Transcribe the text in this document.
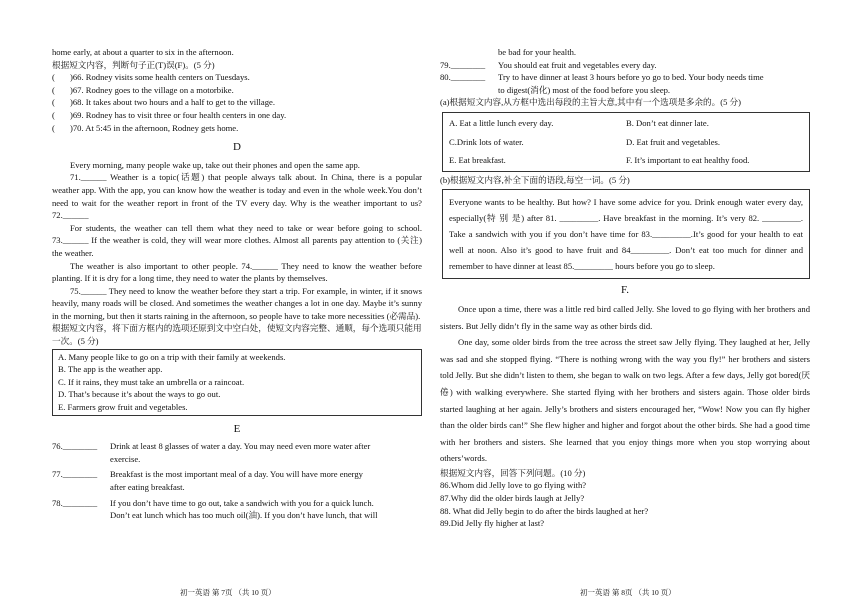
home early, at about a quarter to six in the afternoon.

根据短文内容，判断句子正(T)误(F)。(5 分)

(	)66. Rodney visits some health centers on Tuesdays.
(	)67. Rodney goes to the village on a motorbike.
(	)68. It takes about two hours and a half to get to the village.
(	)69. Rodney has to visit three or four health centers in one day.
(	)70. At 5:45 in the afternoon, Rodney gets home.
D

Every morning, many people wake up, take out their phones and open the same app.

71.______ Weather is a topic(话题) that people always talk about. In China, there is a popular weather app. With the app, you can know how the weather is today and even in the whole week.You don’t need to wait for the weather report in front of the TV every day. Why is the weather important to us? 72.______

For students, the weather can tell them what they need to take or wear before going to school. 73.______ If the weather is cold, they will wear more clothes. Almost all parents pay attention to (关注) the weather.

The weather is also important to other people. 74.______ They need to know the weather before planting. If it is dry for a long time, they need to water the plants by themselves.

75.______ They need to know the weather before they start a trip. For example, in winter, if it snows heavily, many roads will be closed. And sometimes the weather changes a lot in one day. Maybe it’s sunny in the morning, but then it starts raining in the afternoon, so people have to take more necessities (必需品).

根据短文内容，将下面方框内的选项还原到文中空白处，使短文内容完整、通顺，每个选项只能用一次。(5 分)

A. Many people like to go on a trip with their family at weekends.
B. The app is the weather app.
C. If it rains, they must take an umbrella or a raincoat.
D. That’s because it’s about the ways to go out.
E. Farmers grow fruit and vegetables.
E
76.________	Drink at least 8 glasses of water a day. You may need even more water after

exercise.

77.________	Breakfast is the most important meal of a day. You will have more energy

after eating breakfast.

78.________	If you don’t have time to go out, take a sandwich with you for a quick lunch.

Don’t eat lunch which has too much oil(油). If you don’t have lunch, that will

初一英语 第 7页 （共 10 页）

be bad for your health.

79.________	You should eat fruit and vegetables every day.
80.________	Try to have dinner at least 3 hours before yo go to bed. Your body needs time

to digest(消化) most of the food before you sleep.

(a)根据短文内容,从方框中选出每段的主旨大意,其中有一个选项是多余的。(5 分)

A. Eat a little lunch every day.	B. Don’t eat dinner late.
C.Drink lots of water.	D. Eat fruit and vegetables.
E. Eat breakfast.	F. It’s important to eat healthy food.

(b)根据短文内容,补全下面的语段,每空一词。(5 分)

Everyone wants to be healthy. But how? I have some advice for you. Drink enough water every day, especially(特 别 是) after 81. _________. Have breakfast in the morning. It’s very 82. _________. Take a sandwich with you if you don’t have time for 83._________.It’s good for your health to eat well at noon. Also it’s good to have fruit and 84_________. Don’t eat too much for dinner and remember to have dinner at least 85._________ hours before you go to sleep.
F.

Once upon a time, there was a little red bird called Jelly. She loved to go flying with her brothers and sisters. But Jelly didn’t fly in the same way as other birds did.

One day, some older birds from the tree across the street saw Jelly flying. They laughed at her, Jelly was sad and she stopped flying. “There is nothing wrong with the way you fly!” her brothers and sisters told Jelly. But she didn’t listen to them, she began to walk on two legs. After a few days, Jelly got bored(厌倦) with walking everywhere. She started flying with her brothers and sisters again. Those older birds started laughing at her again. Jelly’s brothers and sisters encouraged her, “Wow! Now you can fly higher than the older birds can!” She flew higher and higher and forgot about the other birds. She had a good time with her brothers and sisters. She learned that you enjoy things more when you stop worrying about others’words.

根据短文内容，回答下列问题。(10 分)

86.Whom did Jelly love to go flying with?

87.Why did the older birds laugh at Jelly?

88. What did Jelly begin to do after the birds laughed at her?

89.Did Jelly fly higher at last?

初一英语 第 8页 （共 10 页）
